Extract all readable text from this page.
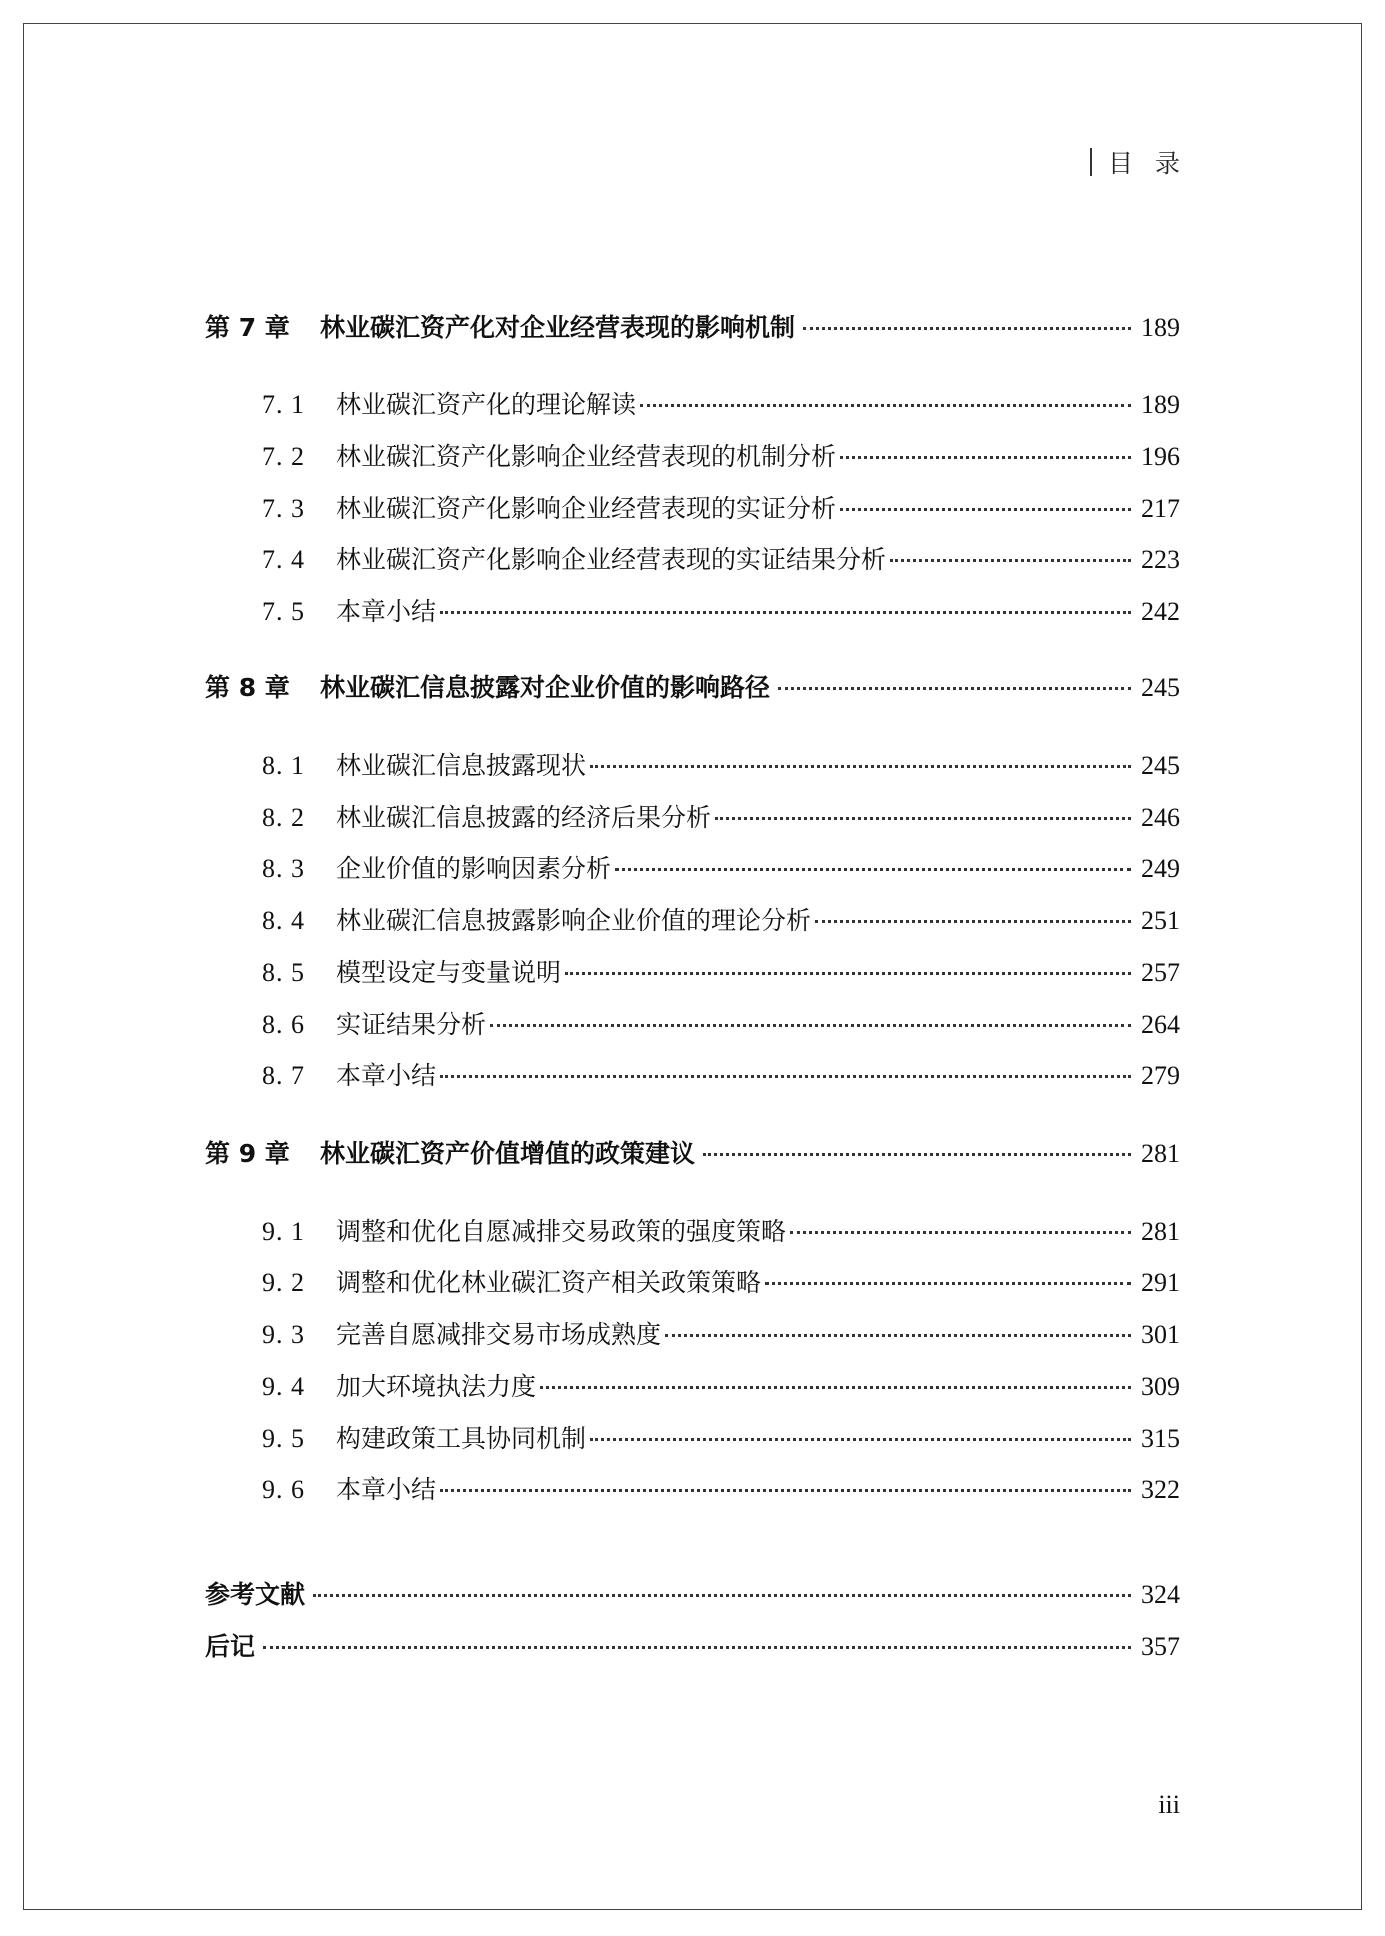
目录
第 7 章	林业碳汇资产化对企业经营表现的影响机制	189
7. 1	林业碳汇资产化的理论解读	189
7. 2	林业碳汇资产化影响企业经营表现的机制分析	196
7. 3	林业碳汇资产化影响企业经营表现的实证分析	217
7. 4	林业碳汇资产化影响企业经营表现的实证结果分析	223
7. 5	本章小结	242
第 8 章	林业碳汇信息披露对企业价值的影响路径	245
8. 1	林业碳汇信息披露现状	245
8. 2	林业碳汇信息披露的经济后果分析	246
8. 3	企业价值的影响因素分析	249
8. 4	林业碳汇信息披露影响企业价值的理论分析	251
8. 5	模型设定与变量说明	257
8. 6	实证结果分析	264
8. 7	本章小结	279
第 9 章	林业碳汇资产价值增值的政策建议	281
9. 1	调整和优化自愿减排交易政策的强度策略	281
9. 2	调整和优化林业碳汇资产相关政策策略	291
9. 3	完善自愿减排交易市场成熟度	301
9. 4	加大环境执法力度	309
9. 5	构建政策工具协同机制	315
9. 6	本章小结	322
参考文献	324
后记	357
iii
